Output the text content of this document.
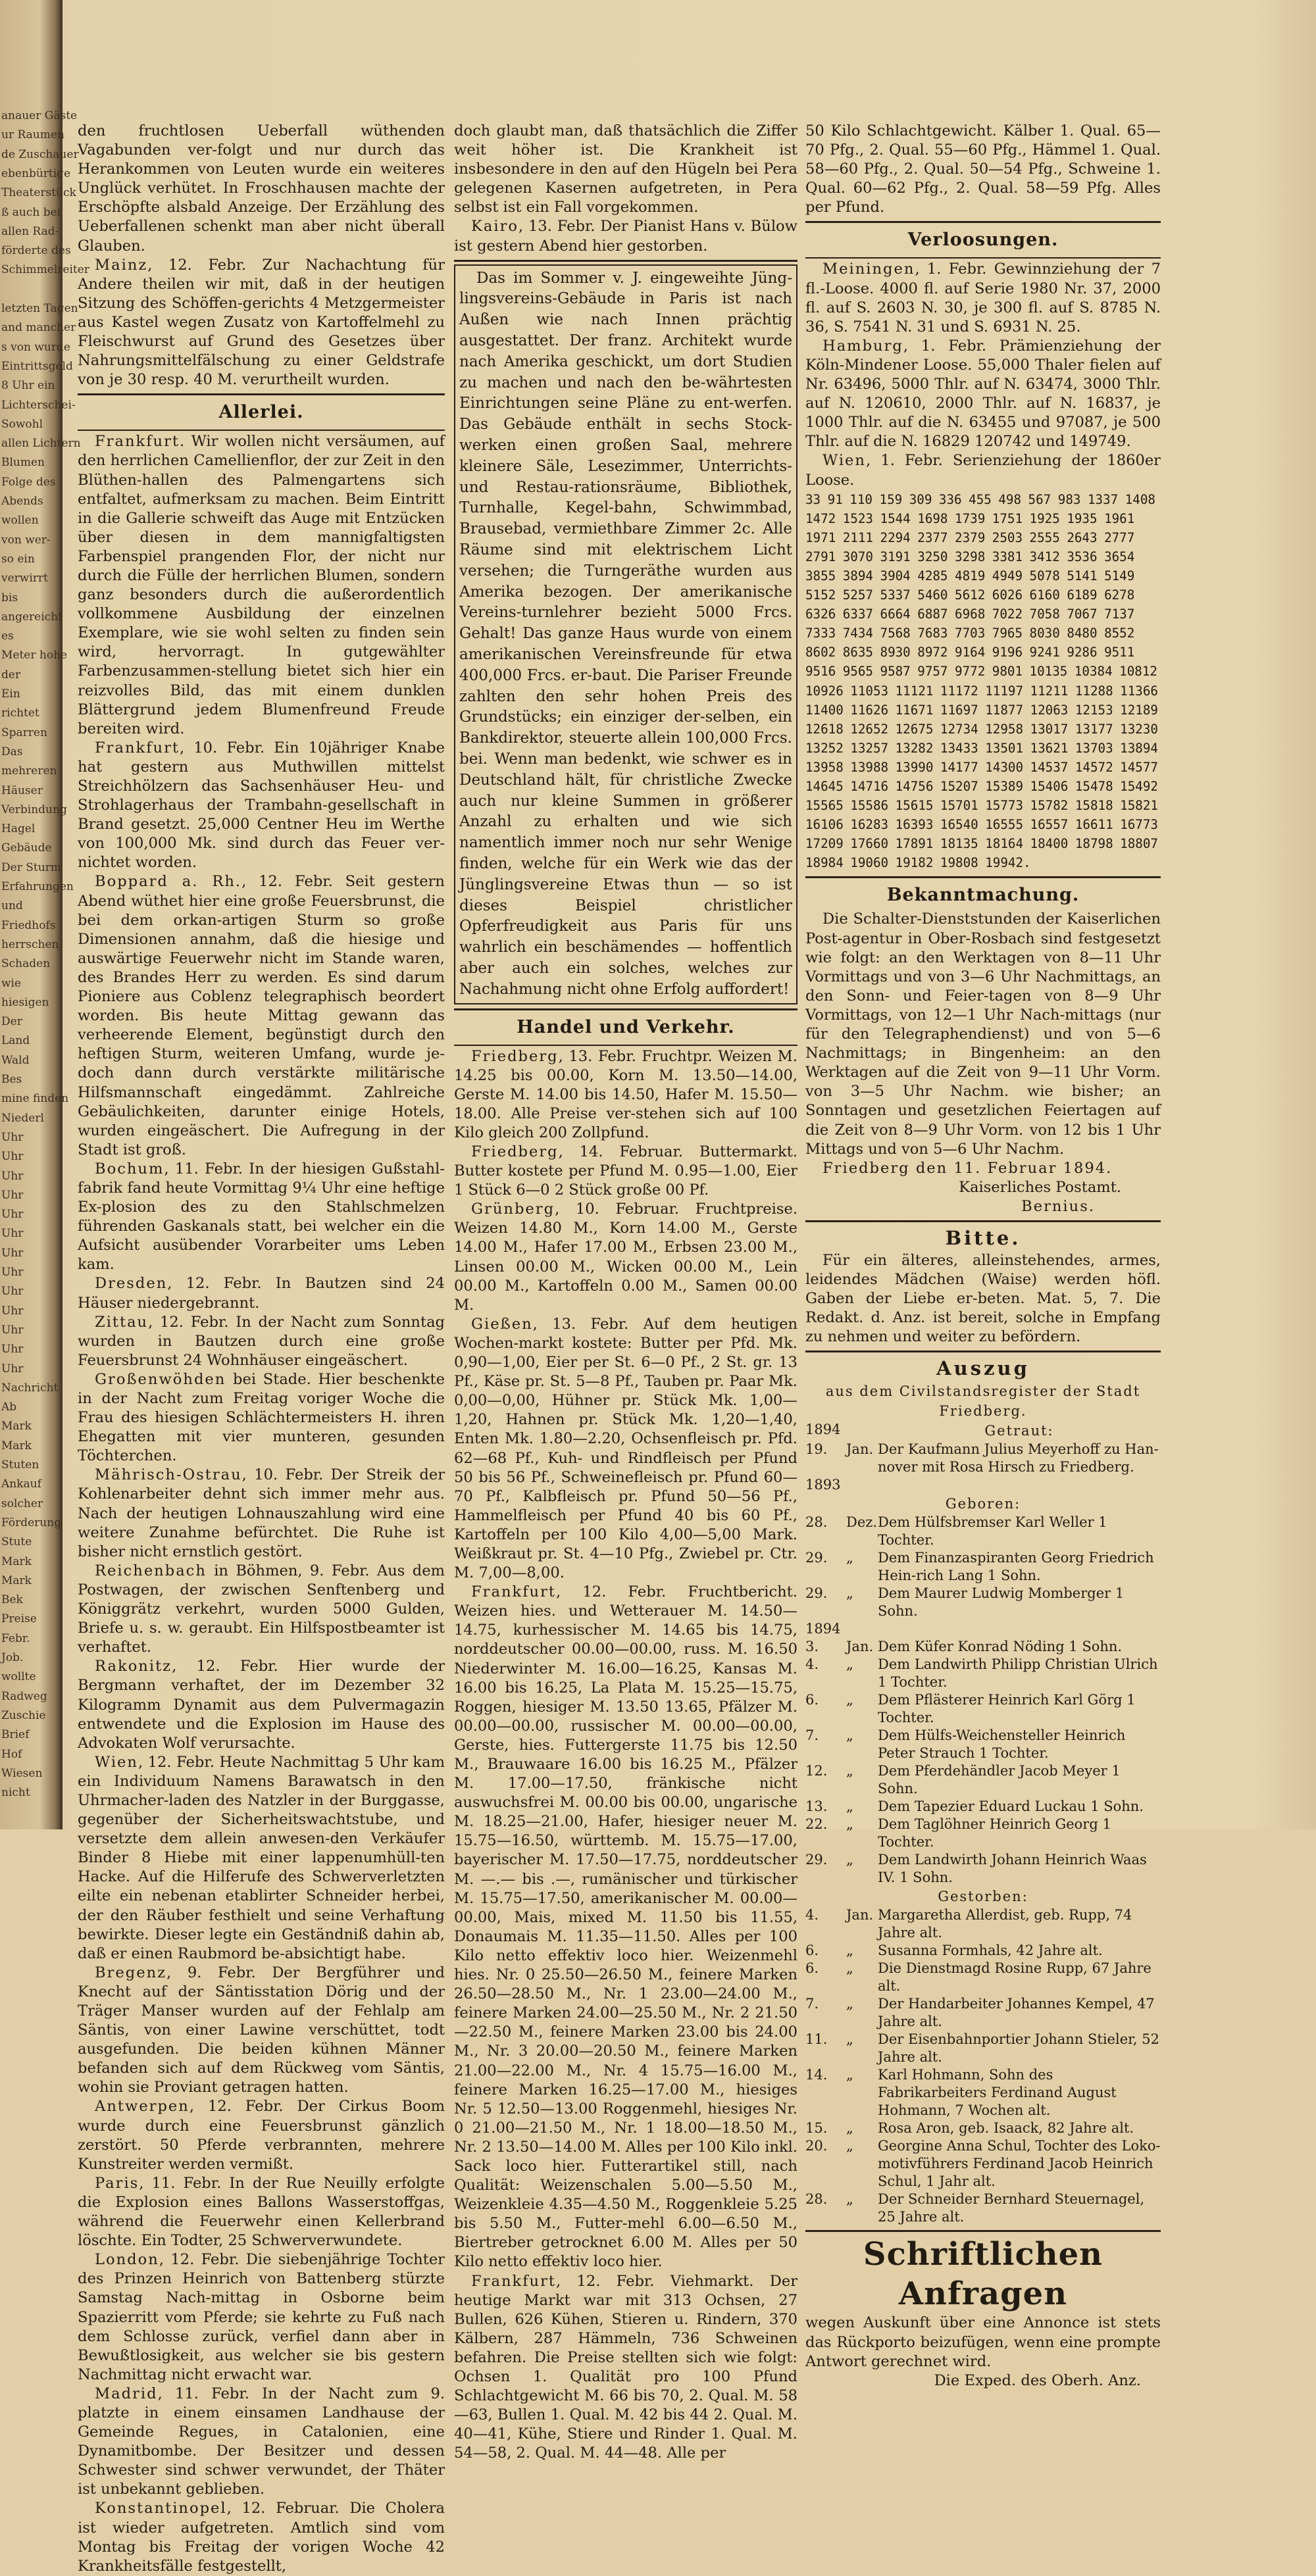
anauer Gäste
ur Raumen
de Zuschauer
ebenbürtige
Theaterstück
ß auch bei
allen Rad-
förderte des
Schimmelreiter
letzten Tagen
and mancher
s von wurde
Eintrittsgeld
8 Uhr ein
Lichterschei-
Sowohl
allen Lichtern
Blumen
Folge des
Abends
wollen
von wer-
so ein
verwirrt
bis
angereicht
es
Meter hohe
der
Ein
richtet
Sparren
Das
mehreren
Häuser
Verbindung
Hagel
Gebäude
Der Sturm
Erfahrungen
und
Friedhofs
herrschen
Schaden
wie
hiesigen
Der
Land
Wald
Bes
mine finden
Niederl
Uhr
Uhr
Uhr
Uhr
Uhr
Uhr
Uhr
Uhr
Uhr
Uhr
Uhr
Uhr
Uhr
Nachricht
Ab
Mark
Mark
Stuten
Ankauf
solcher
Förderung
Stute
Mark
Mark
Bek
Preise
Febr.
Job.
wollte
Radweg
Zuschie
Brief
Hof
Wiesen
nicht

den fruchtlosen Ueberfall wüthenden Vagabunden ver-folgt und nur durch das Herankommen von Leuten wurde ein weiteres Unglück verhütet. In Froschhausen machte der Erschöpfte alsbald Anzeige. Der Erzählung des Ueberfallenen schenkt man aber nicht überall Glauben.

Mainz, 12. Febr. Zur Nachachtung für Andere theilen wir mit, daß in der heutigen Sitzung des Schöffen-gerichts 4 Metzgermeister aus Kastel wegen Zusatz von Kartoffelmehl zu Fleischwurst auf Grund des Gesetzes über Nahrungsmittelfälschung zu einer Geldstrafe von je 30 resp. 40 M. verurtheilt wurden.

Allerlei.

Frankfurt. Wir wollen nicht versäumen, auf den herrlichen Camellienflor, der zur Zeit in den Blüthen-hallen des Palmengartens sich entfaltet, aufmerksam zu machen. Beim Eintritt in die Gallerie schweift das Auge mit Entzücken über diesen in dem mannigfaltigsten Farbenspiel prangenden Flor, der nicht nur durch die Fülle der herrlichen Blumen, sondern ganz besonders durch die außerordentlich vollkommene Ausbildung der einzelnen Exemplare, wie sie wohl selten zu finden sein wird, hervorragt. In gutgewählter Farbenzusammen-stellung bietet sich hier ein reizvolles Bild, das mit einem dunklen Blättergrund jedem Blumenfreund Freude bereiten wird.

Frankfurt, 10. Febr. Ein 10jähriger Knabe hat gestern aus Muthwillen mittelst Streichhölzern das Sachsenhäuser Heu- und Strohlagerhaus der Trambahn-gesellschaft in Brand gesetzt. 25,000 Centner Heu im Werthe von 100,000 Mk. sind durch das Feuer ver-nichtet worden.

Boppard a. Rh., 12. Febr. Seit gestern Abend wüthet hier eine große Feuersbrunst, die bei dem orkan-artigen Sturm so große Dimensionen annahm, daß die hiesige und auswärtige Feuerwehr nicht im Stande waren, des Brandes Herr zu werden. Es sind darum Pioniere aus Coblenz telegraphisch beordert worden. Bis heute Mittag gewann das verheerende Element, begünstigt durch den heftigen Sturm, weiteren Umfang, wurde je-doch dann durch verstärkte militärische Hilfsmannschaft eingedämmt. Zahlreiche Gebäulichkeiten, darunter einige Hotels, wurden eingeäschert. Die Aufregung in der Stadt ist groß.

Bochum, 11. Febr. In der hiesigen Gußstahl-fabrik fand heute Vormittag 9¼ Uhr eine heftige Ex-plosion des zu den Stahlschmelzen führenden Gaskanals statt, bei welcher ein die Aufsicht ausübender Vorarbeiter ums Leben kam.

Dresden, 12. Febr. In Bautzen sind 24 Häuser niedergebrannt.

Zittau, 12. Febr. In der Nacht zum Sonntag wurden in Bautzen durch eine große Feuersbrunst 24 Wohnhäuser eingeäschert.

Großenwöhden bei Stade. Hier beschenkte in der Nacht zum Freitag voriger Woche die Frau des hiesigen Schlächtermeisters H. ihren Ehegatten mit vier munteren, gesunden Töchterchen.

Mährisch-Ostrau, 10. Febr. Der Streik der Kohlenarbeiter dehnt sich immer mehr aus. Nach der heutigen Lohnauszahlung wird eine weitere Zunahme befürchtet. Die Ruhe ist bisher nicht ernstlich gestört.

Reichenbach in Böhmen, 9. Febr. Aus dem Postwagen, der zwischen Senftenberg und Königgrätz verkehrt, wurden 5000 Gulden, Briefe u. s. w. geraubt. Ein Hilfspostbeamter ist verhaftet.

Rakonitz, 12. Febr. Hier wurde der Bergmann verhaftet, der im Dezember 32 Kilogramm Dynamit aus dem Pulvermagazin entwendete und die Explosion im Hause des Advokaten Wolf verursachte.

Wien, 12. Febr. Heute Nachmittag 5 Uhr kam ein Individuum Namens Barawatsch in den Uhrmacher-laden des Natzler in der Burggasse, gegenüber der Sicherheitswachtstube, und versetzte dem allein anwesen-den Verkäufer Binder 8 Hiebe mit einer lappenumhüll-ten Hacke. Auf die Hilferufe des Schwerverletzten eilte ein nebenan etablirter Schneider herbei, der den Räuber festhielt und seine Verhaftung bewirkte. Dieser legte ein Geständniß dahin ab, daß er einen Raubmord be-absichtigt habe.

Bregenz, 9. Febr. Der Bergführer und Knecht auf der Säntisstation Dörig und der Träger Manser wurden auf der Fehlalp am Säntis, von einer Lawine verschüttet, todt ausgefunden. Die beiden kühnen Männer befanden sich auf dem Rückweg vom Säntis, wohin sie Proviant getragen hatten.

Antwerpen, 12. Febr. Der Cirkus Boom wurde durch eine Feuersbrunst gänzlich zerstört. 50 Pferde verbrannten, mehrere Kunstreiter werden vermißt.

Paris, 11. Febr. In der Rue Neuilly erfolgte die Explosion eines Ballons Wasserstoffgas, während die Feuerwehr einen Kellerbrand löschte. Ein Todter, 25 Schwerverwundete.

London, 12. Febr. Die siebenjährige Tochter des Prinzen Heinrich von Battenberg stürzte Samstag Nach-mittag in Osborne beim Spazierritt vom Pferde; sie kehrte zu Fuß nach dem Schlosse zurück, verfiel dann aber in Bewußtlosigkeit, aus welcher sie bis gestern Nachmittag nicht erwacht war.

Madrid, 11. Febr. In der Nacht zum 9. platzte in einem einsamen Landhause der Gemeinde Regues, in Catalonien, eine Dynamitbombe. Der Besitzer und dessen Schwester sind schwer verwundet, der Thäter ist unbekannt geblieben.

Konstantinopel, 12. Februar. Die Cholera ist wieder aufgetreten. Amtlich sind vom Montag bis Freitag der vorigen Woche 42 Krankheitsfälle festgestellt,

doch glaubt man, daß thatsächlich die Ziffer weit höher ist. Die Krankheit ist insbesondere in den auf den Hügeln bei Pera gelegenen Kasernen aufgetreten, in Pera selbst ist ein Fall vorgekommen.

Kairo, 13. Febr. Der Pianist Hans v. Bülow ist gestern Abend hier gestorben.

Das im Sommer v. J. eingeweihte Jüng-lingsvereins-Gebäude in Paris ist nach Außen wie nach Innen prächtig ausgestattet. Der franz. Architekt wurde nach Amerika geschickt, um dort Studien zu machen und nach den be-währtesten Einrichtungen seine Pläne zu ent-werfen. Das Gebäude enthält in sechs Stock-werken einen großen Saal, mehrere kleinere Säle, Lesezimmer, Unterrichts- und Restau-rationsräume, Bibliothek, Turnhalle, Kegel-bahn, Schwimmbad, Brausebad, vermiethbare Zimmer 2c. Alle Räume sind mit elektrischem Licht versehen; die Turngeräthe wurden aus Amerika bezogen. Der amerikanische Vereins-turnlehrer bezieht 5000 Frcs. Gehalt! Das ganze Haus wurde von einem amerikanischen Vereinsfreunde für etwa 400,000 Frcs. er-baut. Die Pariser Freunde zahlten den sehr hohen Preis des Grundstücks; ein einziger der-selben, ein Bankdirektor, steuerte allein 100,000 Frcs. bei. Wenn man bedenkt, wie schwer es in Deutschland hält, für christliche Zwecke auch nur kleine Summen in größerer Anzahl zu erhalten und wie sich namentlich immer noch nur sehr Wenige finden, welche für ein Werk wie das der Jünglingsvereine Etwas thun — so ist dieses Beispiel christlicher Opferfreudigkeit aus Paris für uns wahrlich ein beschämendes — hoffentlich aber auch ein solches, welches zur Nachahmung nicht ohne Erfolg auffordert!

Handel und Verkehr.

Friedberg, 13. Febr. Fruchtpr. Weizen M. 14.25 bis 00.00, Korn M. 13.50—14.00, Gerste M. 14.00 bis 14.50, Hafer M. 15.50—18.00. Alle Preise ver-stehen sich auf 100 Kilo gleich 200 Zollpfund.

Friedberg, 14. Februar. Buttermarkt. Butter kostete per Pfund M. 0.95—1.00, Eier 1 Stück 6—0 2 Stück große 00 Pf.

Grünberg, 10. Februar. Fruchtpreise. Weizen 14.80 M., Korn 14.00 M., Gerste 14.00 M., Hafer 17.00 M., Erbsen 23.00 M., Linsen 00.00 M., Wicken 00.00 M., Lein 00.00 M., Kartoffeln 0.00 M., Samen 00.00 M.

Gießen, 13. Febr. Auf dem heutigen Wochen-markt kostete: Butter per Pfd. Mk. 0,90—1,00, Eier per St. 6—0 Pf., 2 St. gr. 13 Pf., Käse pr. St. 5—8 Pf., Tauben pr. Paar Mk. 0,00—0,00, Hühner pr. Stück Mk. 1,00—1,20, Hahnen pr. Stück Mk. 1,20—1,40, Enten Mk. 1.80—2.20, Ochsenfleisch pr. Pfd. 62—68 Pf., Kuh- und Rindfleisch per Pfund 50 bis 56 Pf., Schweinefleisch pr. Pfund 60—70 Pf., Kalbfleisch pr. Pfund 50—56 Pf., Hammelfleisch per Pfund 40 bis 60 Pf., Kartoffeln per 100 Kilo 4,00—5,00 Mark. Weißkraut pr. St. 4—10 Pfg., Zwiebel pr. Ctr. M. 7,00—8,00.

Frankfurt, 12. Febr. Fruchtbericht. Weizen hies. und Wetterauer M. 14.50—14.75, kurhessischer M. 14.65 bis 14.75, norddeutscher 00.00—00.00, russ. M. 16.50 Niederwinter M. 16.00—16.25, Kansas M. 16.00 bis 16.25, La Plata M. 15.25—15.75, Roggen, hiesiger M. 13.50 13.65, Pfälzer M. 00.00—00.00, russischer M. 00.00—00.00, Gerste, hies. Futtergerste 11.75 bis 12.50 M., Brauwaare 16.00 bis 16.25 M., Pfälzer M. 17.00—17.50, fränkische nicht auswuchsfrei M. 00.00 bis 00.00, ungarische M. 18.25—21.00, Hafer, hiesiger neuer M. 15.75—16.50, württemb. M. 15.75—17.00, bayerischer M. 17.50—17.75, norddeutscher M. —.— bis .—, rumänischer und türkischer M. 15.75—17.50, amerikanischer M. 00.00—00.00, Mais, mixed M. 11.50 bis 11.55, Donaumais M. 11.35—11.50. Alles per 100 Kilo netto effektiv loco hier. Weizenmehl hies. Nr. 0 25.50—26.50 M., feinere Marken 26.50—28.50 M., Nr. 1 23.00—24.00 M., feinere Marken 24.00—25.50 M., Nr. 2 21.50—22.50 M., feinere Marken 23.00 bis 24.00 M., Nr. 3 20.00—20.50 M., feinere Marken 21.00—22.00 M., Nr. 4 15.75—16.00 M., feinere Marken 16.25—17.00 M., hiesiges Nr. 5 12.50—13.00 Roggenmehl, hiesiges Nr. 0 21.00—21.50 M., Nr. 1 18.00—18.50 M., Nr. 2 13.50—14.00 M. Alles per 100 Kilo inkl. Sack loco hier. Futterartikel still, nach Qualität: Weizenschalen 5.00—5.50 M., Weizenkleie 4.35—4.50 M., Roggenkleie 5.25 bis 5.50 M., Futter-mehl 6.00—6.50 M., Biertreber getrocknet 6.00 M. Alles per 50 Kilo netto effektiv loco hier.

Frankfurt, 12. Febr. Viehmarkt. Der heutige Markt war mit 313 Ochsen, 27 Bullen, 626 Kühen, Stieren u. Rindern, 370 Kälbern, 287 Hämmeln, 736 Schweinen befahren. Die Preise stellten sich wie folgt: Ochsen 1. Qualität pro 100 Pfund Schlachtgewicht M. 66 bis 70, 2. Qual. M. 58—63, Bullen 1. Qual. M. 42 bis 44 2. Qual. M. 40—41, Kühe, Stiere und Rinder 1. Qual. M. 54—58, 2. Qual. M. 44—48. Alle per

50 Kilo Schlachtgewicht. Kälber 1. Qual. 65—70 Pfg., 2. Qual. 55—60 Pfg., Hämmel 1. Qual. 58—60 Pfg., 2. Qual. 50—54 Pfg., Schweine 1. Qual. 60—62 Pfg., 2. Qual. 58—59 Pfg. Alles per Pfund.

Verloosungen.

Meiningen, 1. Febr. Gewinnziehung der 7 fl.-Loose. 4000 fl. auf Serie 1980 Nr. 37, 2000 fl. auf S. 2603 N. 30, je 300 fl. auf S. 8785 N. 36, S. 7541 N. 31 und S. 6931 N. 25.

Hamburg, 1. Febr. Prämienziehung der Köln-Mindener Loose. 55,000 Thaler fielen auf Nr. 63496, 5000 Thlr. auf N. 63474, 3000 Thlr. auf N. 120610, 2000 Thlr. auf N. 16837, je 1000 Thlr. auf die N. 63455 und 97087, je 500 Thlr. auf die N. 16829 120742 und 149749.

Wien, 1. Febr. Serienziehung der 1860er Loose.

33 91 110 159 309 336 455 498 567 983 1337 1408 1472 1523 1544 1698 1739 1751 1925 1935 1961 1971 2111 2294 2377 2379 2503 2555 2643 2777 2791 3070 3191 3250 3298 3381 3412 3536 3654 3855 3894 3904 4285 4819 4949 5078 5141 5149 5152 5257 5337 5460 5612 6026 6160 6189 6278 6326 6337 6664 6887 6968 7022 7058 7067 7137 7333 7434 7568 7683 7703 7965 8030 8480 8552 8602 8635 8930 8972 9164 9196 9241 9286 9511 9516 9565 9587 9757 9772 9801 10135 10384 10812 10926 11053 11121 11172 11197 11211 11288 11366 11400 11626 11671 11697 11877 12063 12153 12189 12618 12652 12675 12734 12958 13017 13177 13230 13252 13257 13282 13433 13501 13621 13703 13894 13958 13988 13990 14177 14300 14537 14572 14577 14645 14716 14756 15207 15389 15406 15478 15492 15565 15586 15615 15701 15773 15782 15818 15821 16106 16283 16393 16540 16555 16557 16611 16773 17209 17660 17891 18135 18164 18400 18798 18807 18984 19060 19182 19808 19942.

Bekanntmachung.

Die Schalter-Dienststunden der Kaiserlichen Post-agentur in Ober-Rosbach sind festgesetzt wie folgt: an den Werktagen von 8—11 Uhr Vormittags und von 3—6 Uhr Nachmittags, an den Sonn- und Feier-tagen von 8—9 Uhr Vormittags, von 12—1 Uhr Nach-mittags (nur für den Telegraphendienst) und von 5—6 Nachmittags; in Bingenheim: an den Werktagen auf die Zeit von 9—11 Uhr Vorm. von 3—5 Uhr Nachm. wie bisher; an Sonntagen und gesetzlichen Feiertagen auf die Zeit von 8—9 Uhr Vorm. von 12 bis 1 Uhr Mittags und von 5—6 Uhr Nachm.

Friedberg den 11. Februar 1894.

Kaiserliches Postamt.

Bernius.

Bitte.

Für ein älteres, alleinstehendes, armes, leidendes Mädchen (Waise) werden höfl. Gaben der Liebe er-beten. Mat. 5, 7. Die Redakt. d. Anz. ist bereit, solche in Empfang zu nehmen und weiter zu befördern.

Auszug
aus dem Civilstandsregister der Stadt Friedberg.
1894	Getraut:
19.	Jan. Der Kaufmann Julius Meyerhoff zu Han-nover mit Rosa Hirsch zu Friedberg.
1893
Geboren:
28.	Dez. Dem Hülfsbremser Karl Weller 1 Tochter.
29.	„	Dem Finanzaspiranten Georg Friedrich Hein-rich Lang 1 Sohn.
29.	„	Dem Maurer Ludwig Momberger 1 Sohn.
1894
3.	Jan. Dem Küfer Konrad Nöding 1 Sohn.
4.	„	Dem Landwirth Philipp Christian Ulrich 1 Tochter.
6.	„	Dem Pflästerer Heinrich Karl Görg 1 Tochter.
7.	„	Dem Hülfs-Weichensteller Heinrich Peter Strauch 1 Tochter.
12.	„	Dem Pferdehändler Jacob Meyer 1 Sohn.
13.	„	Dem Tapezier Eduard Luckau 1 Sohn.
22.	„	Dem Taglöhner Heinrich Georg 1 Tochter.
29.	„	Dem Landwirth Johann Heinrich Waas IV. 1 Sohn.
Gestorben:
4.	Jan. Margaretha Allerdist, geb. Rupp, 74 Jahre alt.
6.	„	Susanna Formhals, 42 Jahre alt.
6.	„	Die Dienstmagd Rosine Rupp, 67 Jahre alt.
7.	„	Der Handarbeiter Johannes Kempel, 47 Jahre alt.
11.	„	Der Eisenbahnportier Johann Stieler, 52 Jahre alt.
14.	„	Karl Hohmann, Sohn des Fabrikarbeiters Ferdinand August Hohmann, 7 Wochen alt.
15.	„	Rosa Aron, geb. Isaack, 82 Jahre alt.
20.	„	Georgine Anna Schul, Tochter des Loko-motivführers Ferdinand Jacob Heinrich Schul, 1 Jahr alt.
28.	„	Der Schneider Bernhard Steuernagel, 25 Jahre alt.
Schriftlichen Anfragen

wegen Auskunft über eine Annonce ist stets das Rückporto beizufügen, wenn eine prompte Antwort gerechnet wird.

Die Exped. des Oberh. Anz.
